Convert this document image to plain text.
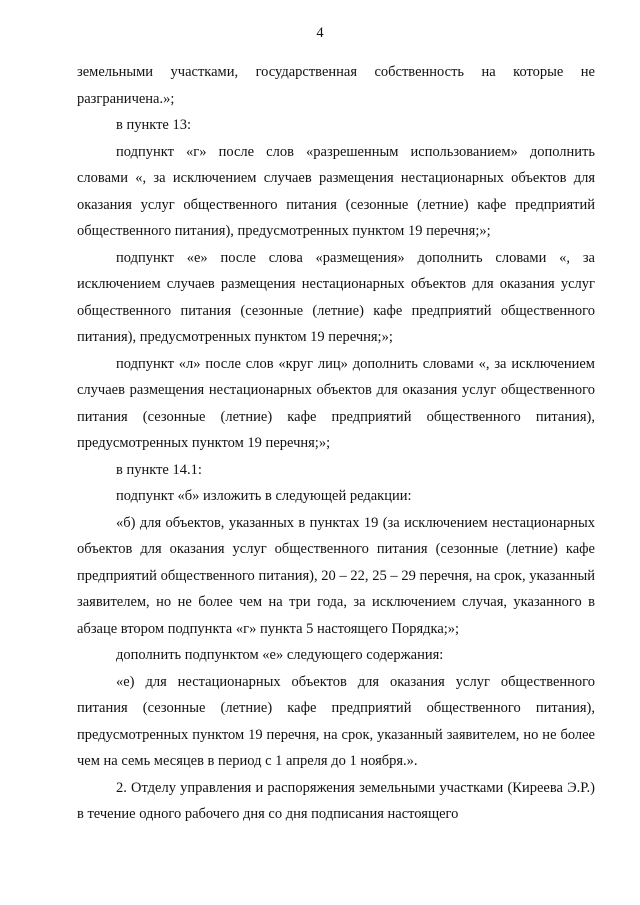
4

земельными участками, государственная собственность на которые не разграничена.»;

в пункте 13:

подпункт «г» после слов «разрешенным использованием» дополнить словами «, за исключением случаев размещения нестационарных объектов для оказания услуг общественного питания (сезонные (летние) кафе предприятий общественного питания), предусмотренных пунктом 19 перечня;»;

подпункт «е» после слова «размещения» дополнить словами «, за исключением случаев размещения нестационарных объектов для оказания услуг общественного питания (сезонные (летние) кафе предприятий общественного питания), предусмотренных пунктом 19 перечня;»;

подпункт «л» после слов «круг лиц» дополнить словами «, за исключением случаев размещения нестационарных объектов для оказания услуг общественного питания (сезонные (летние) кафе предприятий общественного питания), предусмотренных пунктом 19 перечня;»;

в пункте 14.1:

подпункт «б» изложить в следующей редакции:

«б) для объектов, указанных в пунктах 19 (за исключением нестационарных объектов для оказания услуг общественного питания (сезонные (летние) кафе предприятий общественного питания), 20 – 22, 25 – 29 перечня, на срок, указанный заявителем, но не более чем на три года, за исключением случая, указанного в абзаце втором подпункта «г» пункта 5 настоящего Порядка;»;

дополнить подпунктом «е» следующего содержания:

«е) для нестационарных объектов для оказания услуг общественного питания (сезонные (летние) кафе предприятий общественного питания), предусмотренных пунктом 19 перечня, на срок, указанный заявителем, но не более чем на семь месяцев в период с 1 апреля до 1 ноября.».

2. Отделу управления и распоряжения земельными участками (Киреева Э.Р.) в течение одного рабочего дня со дня подписания настоящего
